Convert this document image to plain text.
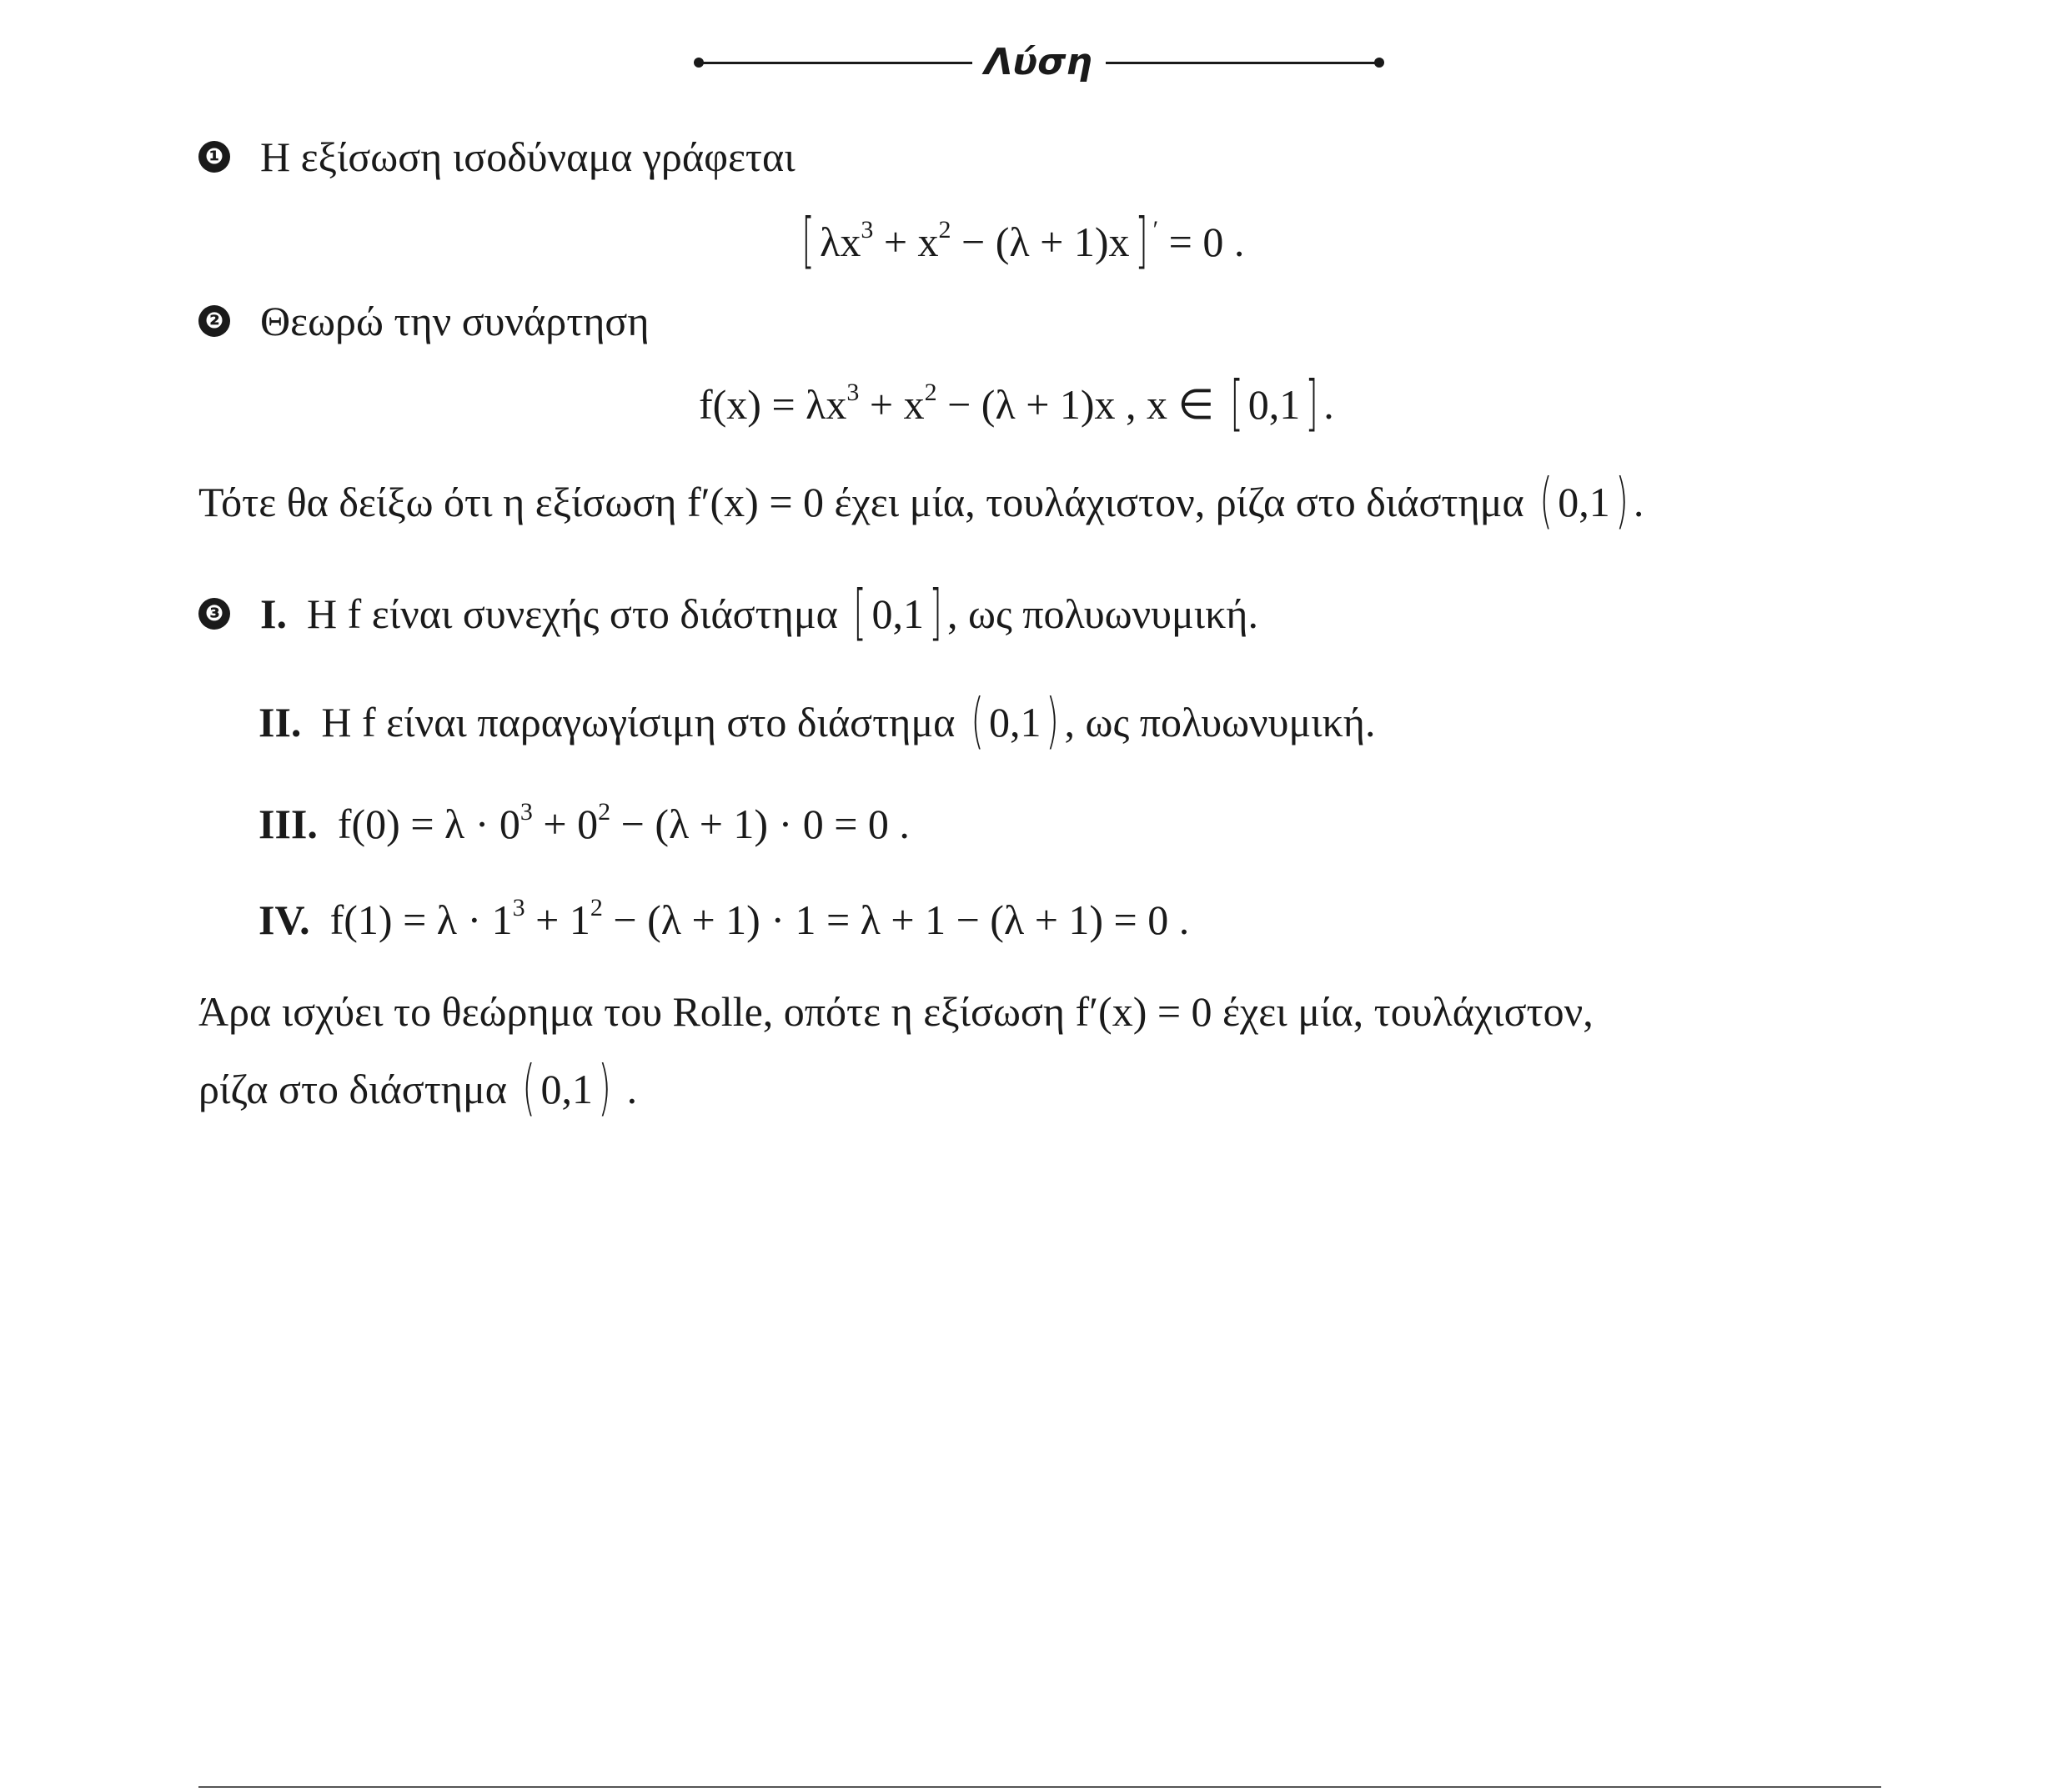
Λύση
❶ Η εξίσωση ισοδύναμα γράφεται
[ $\lambda x^3 + x^2 - (\lambda + 1)x$] ′ = 0 .
❷ Θεωρώ την συνάρτηση
$f(x) = \lambda x^3 + x^2 - (\lambda + 1)x$ , x ∈ [ 0,1] .
Τότε θα δείξω ότι η εξίσωση f′(x) = 0 έχει μία, τουλάχιστον, ρίζα στο διάστημα ( 0,1) .
❸ I. Η f είναι συνεχής στο διάστημα [ 0,1] , ως πολυωνυμική.
II. Η f είναι παραγωγίσιμη στο διάστημα ( 0,1) , ως πολυωνυμική.
III. $f(0) = \lambda \cdot 0^3 + 0^2 - (\lambda + 1) \cdot 0 = 0$ .
IV. $f(1) = \lambda \cdot 1^3 + 1^2 - (\lambda + 1) \cdot 1 = \lambda + 1 - (\lambda + 1) = 0$ .
Άρα ισχύει το θεώρημα του Rolle, οπότε η εξίσωση f′(x) = 0 έχει μία, τουλάχιστον,
ρίζα στο διάστημα ( 0,1) .
